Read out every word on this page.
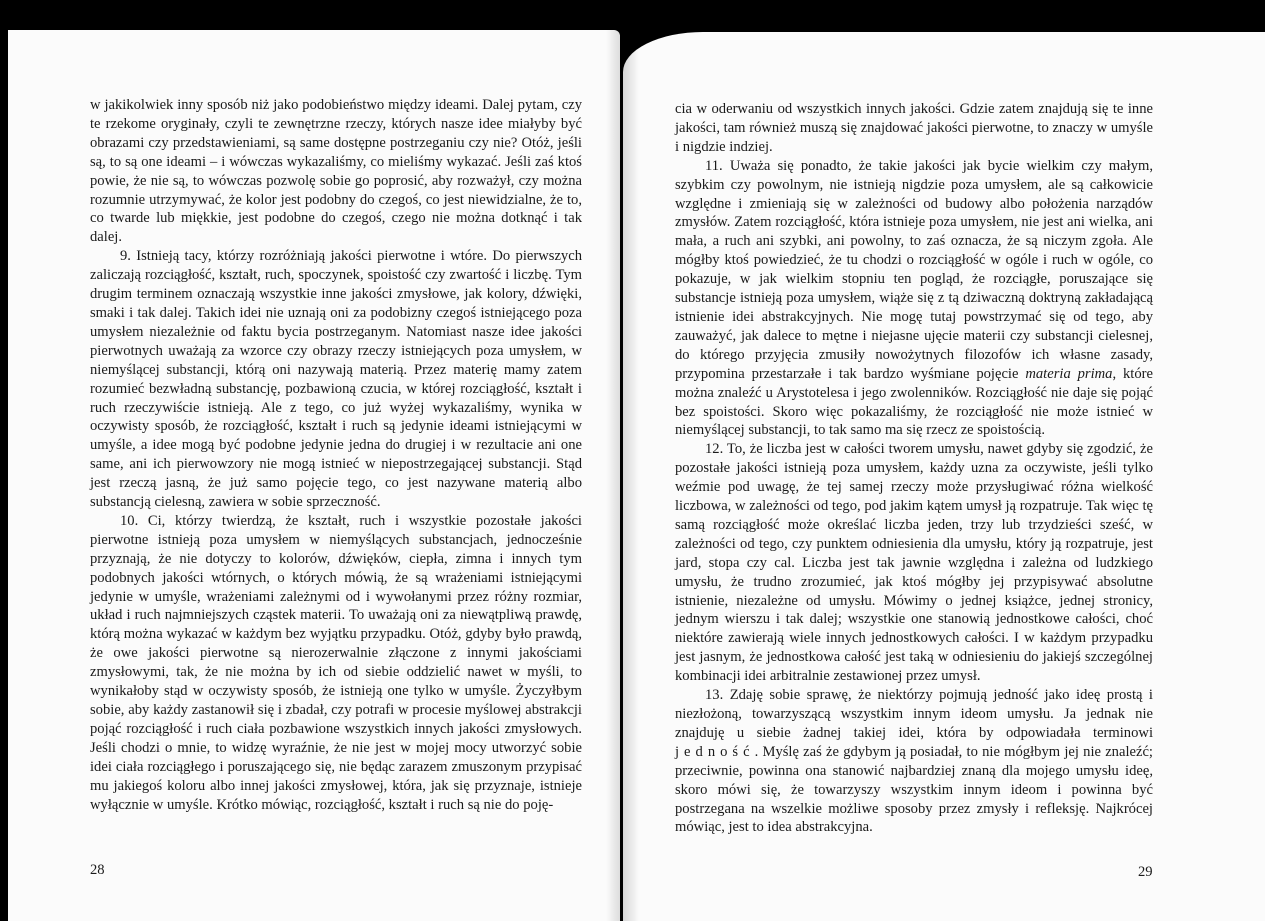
w jakikolwiek inny sposób niż jako podobieństwo między ideami. Dalej pytam, czy te rzekome oryginały, czyli te zewnętrzne rzeczy, których nasze idee miałyby być obrazami czy przedstawieniami, są same dostępne postrzeganiu czy nie? Otóż, jeśli są, to są one ideami – i wówczas wykazaliśmy, co mieliśmy wykazać. Jeśli zaś ktoś powie, że nie są, to wówczas pozwolę sobie go poprosić, aby rozważył, czy można rozumnie utrzymywać, że kolor jest podobny do czegoś, co jest niewidzialne, że to, co twarde lub miękkie, jest podobne do czegoś, czego nie można dotknąć i tak dalej.

9. Istnieją tacy, którzy rozróżniają jakości pierwotne i wtóre. Do pierwszych zaliczają rozciągłość, kształt, ruch, spoczynek, spoistość czy zwartość i liczbę. Tym drugim terminem oznaczają wszystkie inne jakości zmysłowe, jak kolory, dźwięki, smaki i tak dalej. Takich idei nie uznają oni za podobizny czegoś istniejącego poza umysłem niezależnie od faktu bycia postrzeganym. Natomiast nasze idee jakości pierwotnych uważają za wzorce czy obrazy rzeczy istniejących poza umysłem, w niemyślącej substancji, którą oni nazywają materią. Przez materię mamy zatem rozumieć bezwładną substancję, pozbawioną czucia, w której rozciągłość, kształt i ruch rzeczywiście istnieją. Ale z tego, co już wyżej wykazaliśmy, wynika w oczywisty sposób, że rozciągłość, kształt i ruch są jedynie ideami istniejącymi w umyśle, a idee mogą być podobne jedynie jedna do drugiej i w rezultacie ani one same, ani ich pierwowzory nie mogą istnieć w niepostrzegającej substancji. Stąd jest rzeczą jasną, że już samo pojęcie tego, co jest nazywane materią albo substancją cielesną, zawiera w sobie sprzeczność.

10. Ci, którzy twierdzą, że kształt, ruch i wszystkie pozostałe jakości pierwotne istnieją poza umysłem w niemyślących substancjach, jednocześnie przyznają, że nie dotyczy to kolorów, dźwięków, ciepła, zimna i innych tym podobnych jakości wtórnych, o których mówią, że są wrażeniami istniejącymi jedynie w umyśle, wrażeniami zależnymi od i wywołanymi przez różny rozmiar, układ i ruch najmniejszych cząstek materii. To uważają oni za niewątpliwą prawdę, którą można wykazać w każdym bez wyjątku przypadku. Otóż, gdyby było prawdą, że owe jakości pierwotne są nierozerwalnie złączone z innymi jakościami zmysłowymi, tak, że nie można by ich od siebie oddzielić nawet w myśli, to wynikałoby stąd w oczywisty sposób, że istnieją one tylko w umyśle. Życzyłbym sobie, aby każdy zastanowił się i zbadał, czy potrafi w procesie myślowej abstrakcji pojąć rozciągłość i ruch ciała pozbawione wszystkich innych jakości zmysłowych. Jeśli chodzi o mnie, to widzę wyraźnie, że nie jest w mojej mocy utworzyć sobie idei ciała rozciągłego i poruszającego się, nie będąc zarazem zmuszonym przypisać mu jakiegoś koloru albo innej jakości zmysłowej, która, jak się przyznaje, istnieje wyłącznie w umyśle. Krótko mówiąc, rozciągłość, kształt i ruch są nie do poję-

28

cia w oderwaniu od wszystkich innych jakości. Gdzie zatem znajdują się te inne jakości, tam również muszą się znajdować jakości pierwotne, to znaczy w umyśle i nigdzie indziej.

11. Uważa się ponadto, że takie jakości jak bycie wielkim czy małym, szybkim czy powolnym, nie istnieją nigdzie poza umysłem, ale są całkowicie względne i zmieniają się w zależności od budowy albo położenia narządów zmysłów. Zatem rozciągłość, która istnieje poza umysłem, nie jest ani wielka, ani mała, a ruch ani szybki, ani powolny, to zaś oznacza, że są niczym zgoła. Ale mógłby ktoś powiedzieć, że tu chodzi o rozciągłość w ogóle i ruch w ogóle, co pokazuje, w jak wielkim stopniu ten pogląd, że rozciągłe, poruszające się substancje istnieją poza umysłem, wiąże się z tą dziwaczną doktryną zakładającą istnienie idei abstrakcyjnych. Nie mogę tutaj powstrzymać się od tego, aby zauważyć, jak dalece to mętne i niejasne ujęcie materii czy substancji cielesnej, do którego przyjęcia zmusiły nowożytnych filozofów ich własne zasady, przypomina przestarzałe i tak bardzo wyśmiane pojęcie materia prima, które można znaleźć u Arystotelesa i jego zwolenników. Rozciągłość nie daje się pojąć bez spoistości. Skoro więc pokazaliśmy, że rozciągłość nie może istnieć w niemyślącej substancji, to tak samo ma się rzecz ze spoistością.

12. To, że liczba jest w całości tworem umysłu, nawet gdyby się zgodzić, że pozostałe jakości istnieją poza umysłem, każdy uzna za oczywiste, jeśli tylko weźmie pod uwagę, że tej samej rzeczy może przysługiwać różna wielkość liczbowa, w zależności od tego, pod jakim kątem umysł ją rozpatruje. Tak więc tę samą rozciągłość może określać liczba jeden, trzy lub trzydzieści sześć, w zależności od tego, czy punktem odniesienia dla umysłu, który ją rozpatruje, jest jard, stopa czy cal. Liczba jest tak jawnie względna i zależna od ludzkiego umysłu, że trudno zrozumieć, jak ktoś mógłby jej przypisywać absolutne istnienie, niezależne od umysłu. Mówimy o jednej książce, jednej stronicy, jednym wierszu i tak dalej; wszystkie one stanowią jednostkowe całości, choć niektóre zawierają wiele innych jednostkowych całości. I w każdym przypadku jest jasnym, że jednostkowa całość jest taką w odniesieniu do jakiejś szczególnej kombinacji idei arbitralnie zestawionej przez umysł.

13. Zdaję sobie sprawę, że niektórzy pojmują jedność jako ideę prostą i niezłożoną, towarzyszącą wszystkim innym ideom umysłu. Ja jednak nie znajduję u siebie żadnej takiej idei, która by odpowiadała terminowi jedność. Myślę zaś że gdybym ją posiadał, to nie mógłbym jej nie znaleźć; przeciwnie, powinna ona stanowić najbardziej znaną dla mojego umysłu ideę, skoro mówi się, że towarzyszy wszystkim innym ideom i powinna być postrzegana na wszelkie możliwe sposoby przez zmysły i refleksję. Najkrócej mówiąc, jest to idea abstrakcyjna.

29
